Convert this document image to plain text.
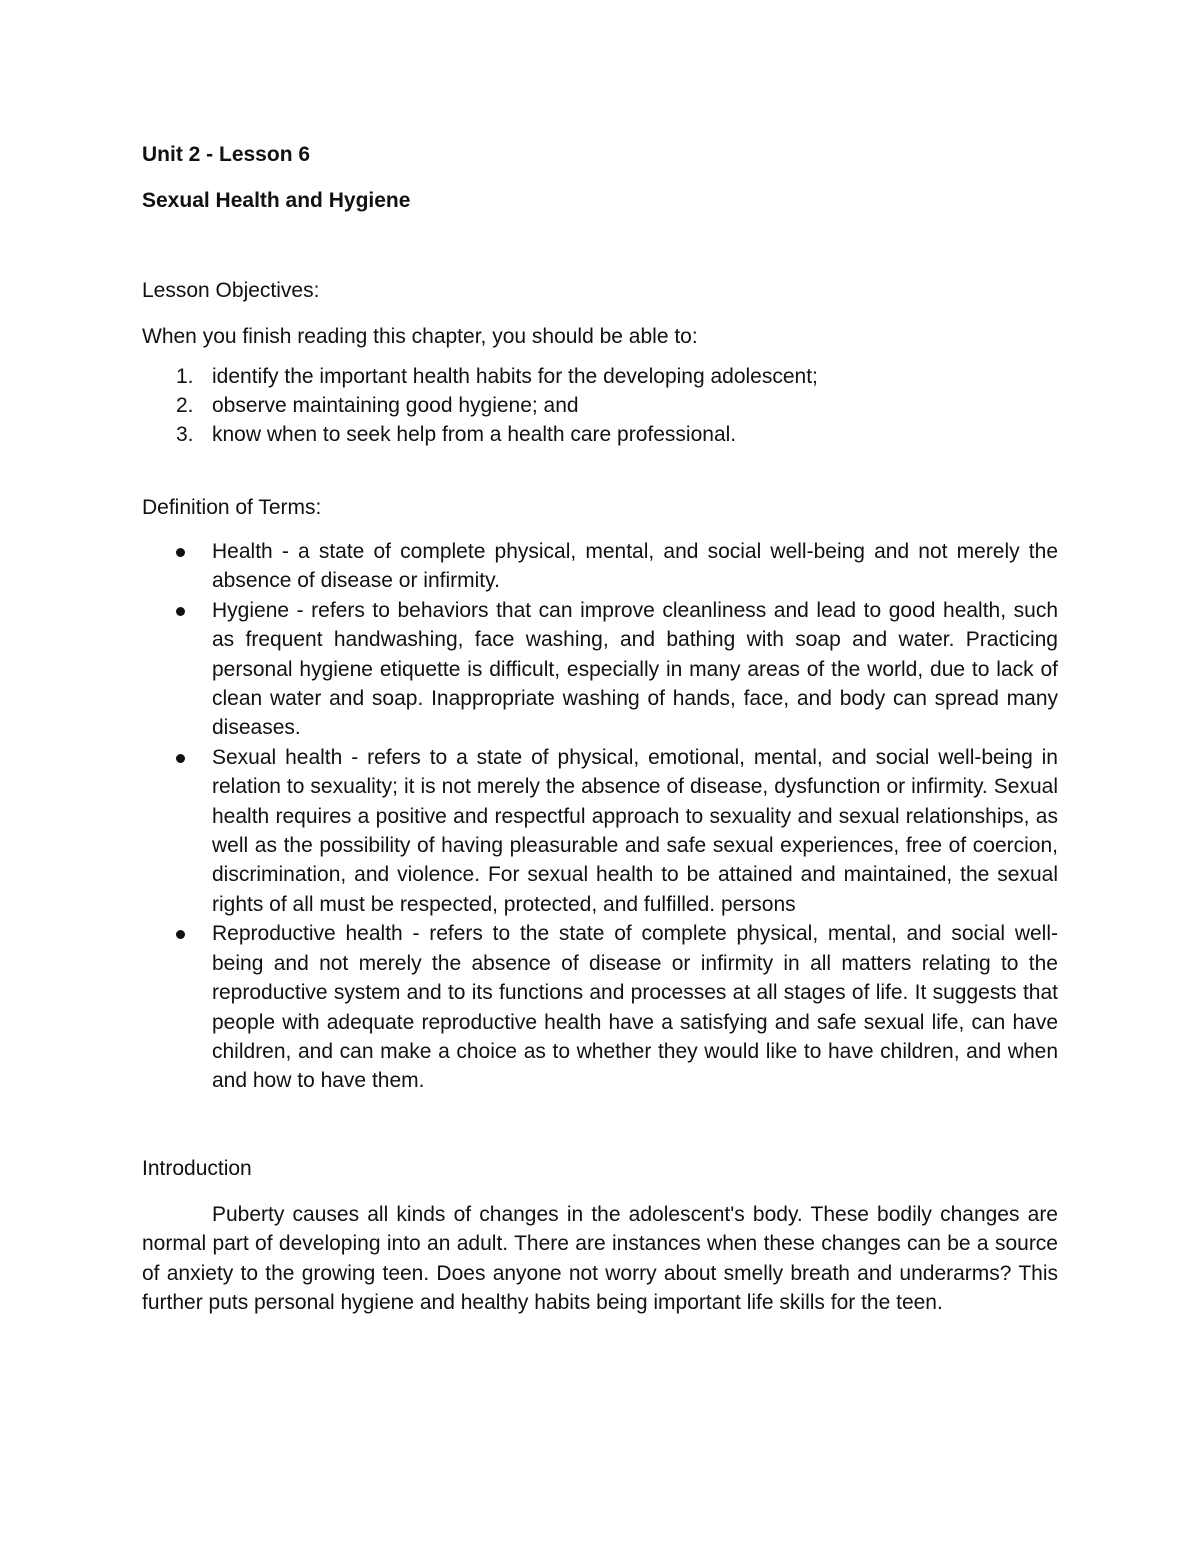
Unit 2 - Lesson 6

Sexual Health and Hygiene

Lesson Objectives:

When you finish reading this chapter, you should be able to:

1. identify the important health habits for the developing adolescent;
2. observe maintaining good hygiene; and
3. know when to seek help from a health care professional.

Definition of Terms:

Health - a state of complete physical, mental, and social well-being and not merely the absence of disease or infirmity.
Hygiene - refers to behaviors that can improve cleanliness and lead to good health, such as frequent handwashing, face washing, and bathing with soap and water. Practicing personal hygiene etiquette is difficult, especially in many areas of the world, due to lack of clean water and soap. Inappropriate washing of hands, face, and body can spread many diseases.
Sexual health - refers to a state of physical, emotional, mental, and social well-being in relation to sexuality; it is not merely the absence of disease, dysfunction or infirmity. Sexual health requires a positive and respectful approach to sexuality and sexual relationships, as well as the possibility of having pleasurable and safe sexual experiences, free of coercion, discrimination, and violence. For sexual health to be attained and maintained, the sexual rights of all must be respected, protected, and fulfilled. persons
Reproductive health - refers to the state of complete physical, mental, and social well-being and not merely the absence of disease or infirmity in all matters relating to the reproductive system and to its functions and processes at all stages of life. It suggests that people with adequate reproductive health have a satisfying and safe sexual life, can have children, and can make a choice as to whether they would like to have children, and when and how to have them.

Introduction

Puberty causes all kinds of changes in the adolescent's body. These bodily changes are normal part of developing into an adult. There are instances when these changes can be a source of anxiety to the growing teen. Does anyone not worry about smelly breath and underarms? This further puts personal hygiene and healthy habits being important life skills for the teen.
